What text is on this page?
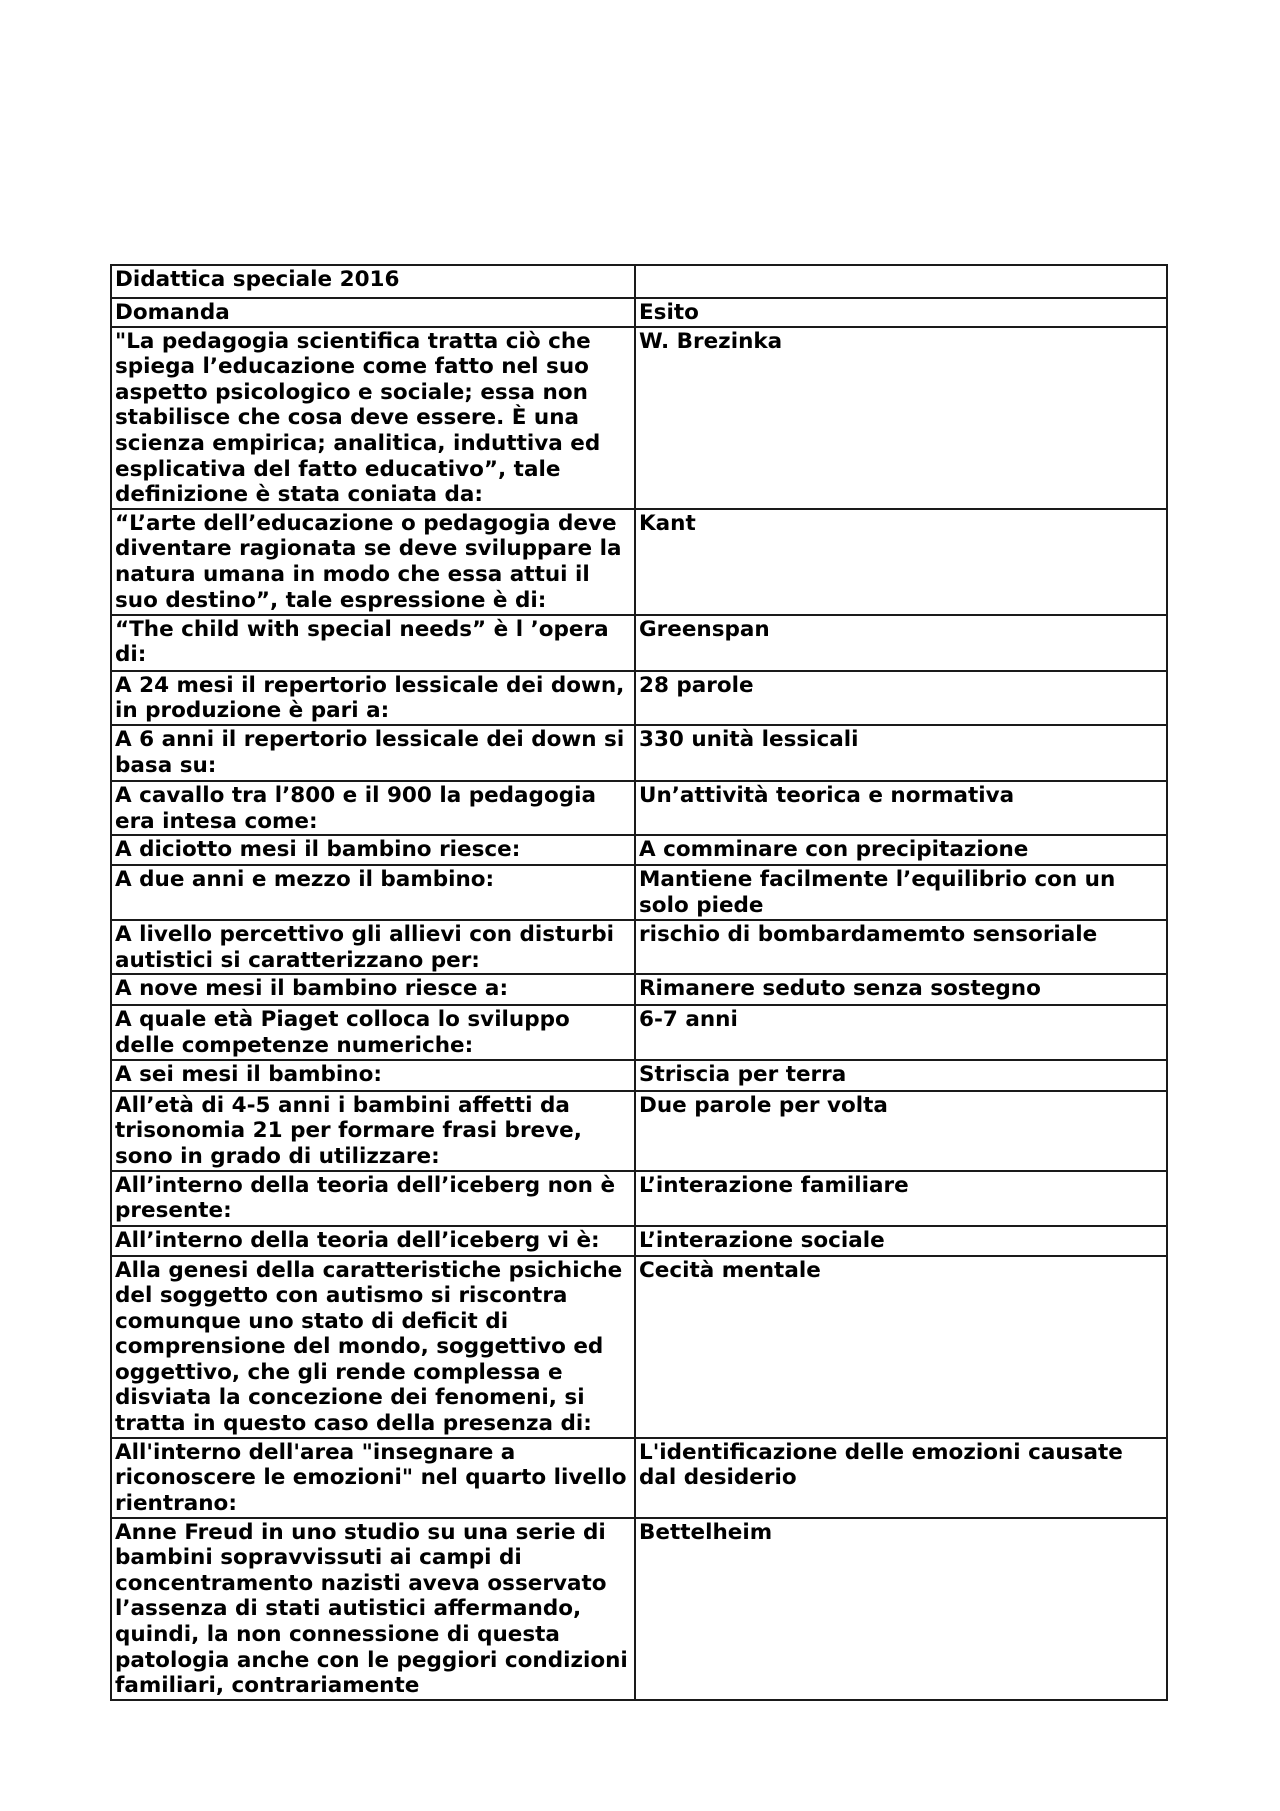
Didattica speciale 2016	
Domanda	Esito
"La pedagogia scientifica tratta ciò che spiega l’educazione come fatto nel suo aspetto psicologico e sociale; essa non stabilisce che cosa deve essere. È una scienza empirica; analitica, induttiva ed esplicativa del fatto educativo”, tale definizione è stata coniata da:	W. Brezinka
“L’arte dell’educazione o pedagogia deve diventare ragionata se deve sviluppare la natura umana in modo che essa attui il suo destino”, tale espressione è di:	Kant
“The child with special needs” è l ’opera di:	Greenspan
A 24 mesi il repertorio lessicale dei down, in produzione è pari a:	28 parole
A 6 anni il repertorio lessicale dei down si basa su:	330 unità lessicali
A cavallo tra l’800 e il 900 la pedagogia era intesa come:	Un’attività teorica e normativa
A diciotto mesi il bambino riesce:	A comminare con precipitazione
A due anni e mezzo il bambino:	Mantiene facilmente l’equilibrio con un solo piede
A livello percettivo gli allievi con disturbi autistici si caratterizzano per:	rischio di bombardamemto sensoriale
A nove mesi il bambino riesce a:	Rimanere seduto senza sostegno
A quale età Piaget colloca lo sviluppo delle competenze numeriche:	6-7 anni
A sei mesi il bambino:	Striscia per terra
All’età di 4-5 anni i bambini affetti da trisonomia 21 per formare frasi breve, sono in grado di utilizzare:	Due parole per volta
All’interno della teoria dell’iceberg non è presente:	L’interazione familiare
All’interno della teoria dell’iceberg vi è:	L’interazione sociale
Alla genesi della caratteristiche psichiche del soggetto con autismo si riscontra comunque uno stato di deficit di comprensione del mondo, soggettivo ed oggettivo, che gli rende complessa e disviata la concezione dei fenomeni, si tratta in questo caso della presenza di:	Cecità mentale
All'interno dell'area "insegnare a riconoscere le emozioni" nel quarto livello rientrano:	L'identificazione delle emozioni causate dal desiderio
Anne Freud in uno studio su una serie di bambini sopravvissuti ai campi di concentramento nazisti aveva osservato l’assenza di stati autistici affermando, quindi, la non connessione di questa patologia anche con le peggiori condizioni familiari, contrariamente	Bettelheim
